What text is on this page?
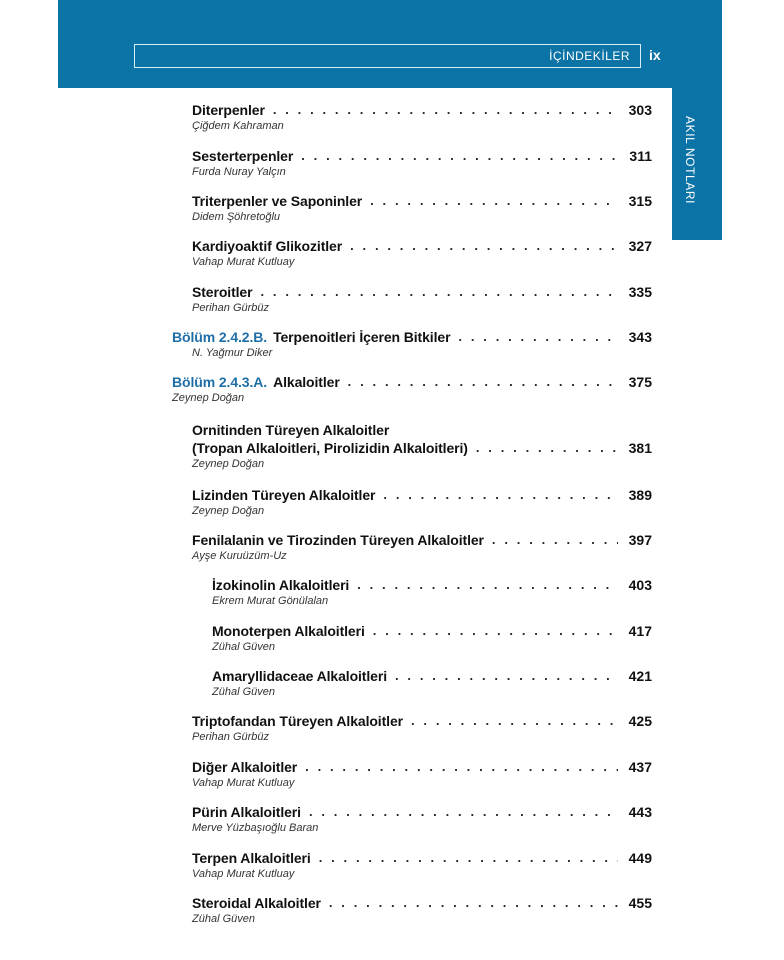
İÇİNDEKİLER ix
AKIL NOTLARI
Diterpenler . . .	303
Çiğdem Kahraman
Sesterterpenler . . .	311
Furda Nuray Yalçın
Triterpenler ve Saponinler . . .	315
Didem Şöhretoğlu
Kardiyoaktif Glikozitler . . .	327
Vahap Murat Kutluay
Steroitler . . .	335
Perihan Gürbüz
Bölüm 2.4.2.B. Terpenoitleri İçeren Bitkiler . . .	343
N. Yağmur Diker
Bölüm 2.4.3.A. Alkaloitler . . .	375
Zeynep Doğan
Ornitinden Türeyen Alkaloitler
(Tropan Alkaloitleri, Pirolizidin Alkaloitleri) . . .	381
Zeynep Doğan
Lizinden Türeyen Alkaloitler . . .	389
Zeynep Doğan
Fenilalanin ve Tirozinden Türeyen Alkaloitler . . .	397
Ayşe Kuruüzüm-Uz
İzokinolin Alkaloitleri . . .	403
Ekrem Murat Gönülalan
Monoterpen Alkaloitleri . . .	417
Zühal Güven
Amaryllidaceae Alkaloitleri . . .	421
Zühal Güven
Triptofandan Türeyen Alkaloitler . . .	425
Perihan Gürbüz
Diğer Alkaloitler . . .	437
Vahap Murat Kutluay
Pürin Alkaloitleri . . .	443
Merve Yüzbaşıoğlu Baran
Terpen Alkaloitleri . . .	449
Vahap Murat Kutluay
Steroidal Alkaloitler . . .	455
Zühal Güven
